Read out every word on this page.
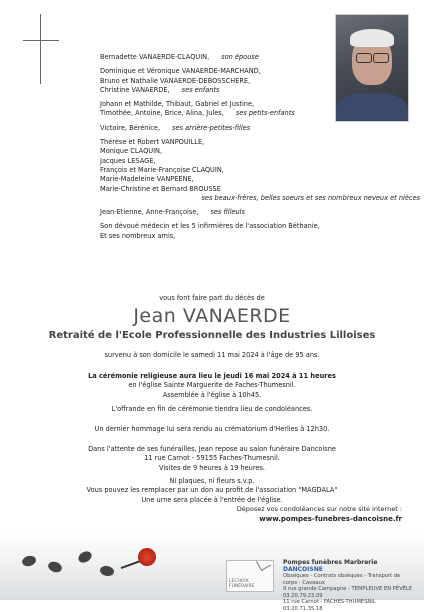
Bernadette VANAERDE-CLAQUIN, son épouse

Dominique et Véronique VANAERDE-MARCHAND,
Bruno et Nathalie VANAERDE-DEBOSSCHERE,
Christine VANAERDE, ses enfants

Johann et Mathilde, Thibaut, Gabriel et Justine,
Timothée, Antoine, Brice, Alina, Jules, ses petits-enfants

Victoire, Bérénice, ses arrière-petites-filles

Thérèse et Robert VANPOUILLE,
Monique CLAQUIN,
Jacques LESAGE,
François et Marie-Françoise CLAQUIN,
Marie-Madeleine VANPEENE,
Marie-Christine et Bernard BROUSSE
ses beaux-frères, belles soeurs et ses nombreux neveux et nièces

Jean-Etienne, Anne-Françoise, ses filleuls

Son dévoué médecin et les 5 infirmières de l'association Béthanie,
Et ses nombreux amis,

vous font faire part du décès de

Jean VANAERDE

Retraité de l'Ecole Professionnelle des Industries Lilloises

survenu à son domicile le samedi 11 mai 2024 à l'âge de 95 ans.

La cérémonie religieuse aura lieu le jeudi 16 mai 2024 à 11 heures

en l'église Sainte Marguerite de Faches-Thumesnil.

Assemblée à l'église à 10h45.

L'offrande en fin de cérémonie tiendra lieu de condoléances.

Un dernier hommage lui sera rendu au crématorium d'Herlies à 12h30.

Dans l'attente de ses funérailles, Jean repose au salon funéraire Dancoisne

11 rue Carnot - 59155 Faches-Thumesnil.

Visites de 9 heures à 19 heures.

Ni plaques, ni fleurs s.v.p.

Vous pouvez les remplacer par un don au profit de l'association "MAGDALA"

Une urne sera placée à l'entrée de l'église.

Déposez vos condoléances sur notre site internet :
www.pompes-funebres-dancoisne.fr
LECHOIX FUNÉRAIRE
Pompes funèbres Marbrerie DANCOISNE
Obsèques - Contrats obsèques - Transport de corps - Caveaux
9 rue grande Campagne - TEMPLEUVE EN PÉVÈLE 03.20.79.23.09
11 rue Carnot - FACHES-THUMESNIL 03.20.71.35.18
